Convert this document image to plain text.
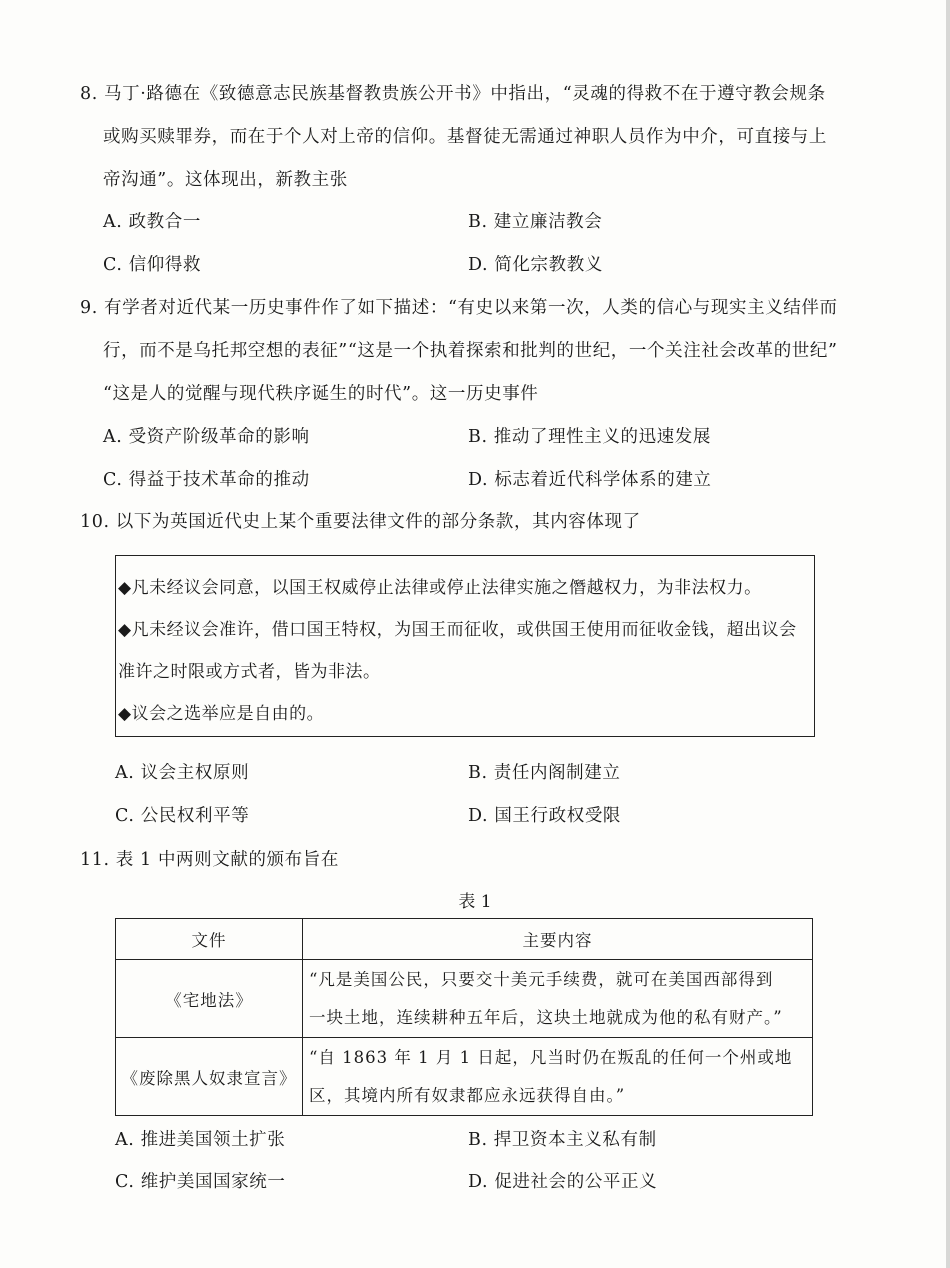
8. 马丁·路德在《致德意志民族基督教贵族公开书》中指出，“灵魂的得救不在于遵守教会规条
或购买赎罪券，而在于个人对上帝的信仰。基督徒无需通过神职人员作为中介，可直接与上
帝沟通”。这体现出，新教主张
A. 政教合一	B. 建立廉洁教会
C. 信仰得救	D. 简化宗教教义
9. 有学者对近代某一历史事件作了如下描述：“有史以来第一次，人类的信心与现实主义结伴而
行，而不是乌托邦空想的表征”“这是一个执着探索和批判的世纪，一个关注社会改革的世纪”
“这是人的觉醒与现代秩序诞生的时代”。这一历史事件
A. 受资产阶级革命的影响	B. 推动了理性主义的迅速发展
C. 得益于技术革命的推动	D. 标志着近代科学体系的建立
10. 以下为英国近代史上某个重要法律文件的部分条款，其内容体现了
◆凡未经议会同意，以国王权威停止法律或停止法律实施之僭越权力，为非法权力。
◆凡未经议会准许，借口国王特权，为国王而征收，或供国王使用而征收金钱，超出议会
准许之时限或方式者，皆为非法。
◆议会之选举应是自由的。
A. 议会主权原则	B. 责任内阁制建立
C. 公民权利平等	D. 国王行政权受限
11. 表 1 中两则文献的颁布旨在
表 1
文件	主要内容
《宅地法》	“凡是美国公民，只要交十美元手续费，就可在美国西部得到
一块土地，连续耕种五年后，这块土地就成为他的私有财产。”

《废除黑人奴隶宣言》	“自 1863 年 1 月 1 日起，凡当时仍在叛乱的任何一个州或地
区，其境内所有奴隶都应永远获得自由。”
A. 推进美国领土扩张	B. 捍卫资本主义私有制
C. 维护美国国家统一	D. 促进社会的公平正义
